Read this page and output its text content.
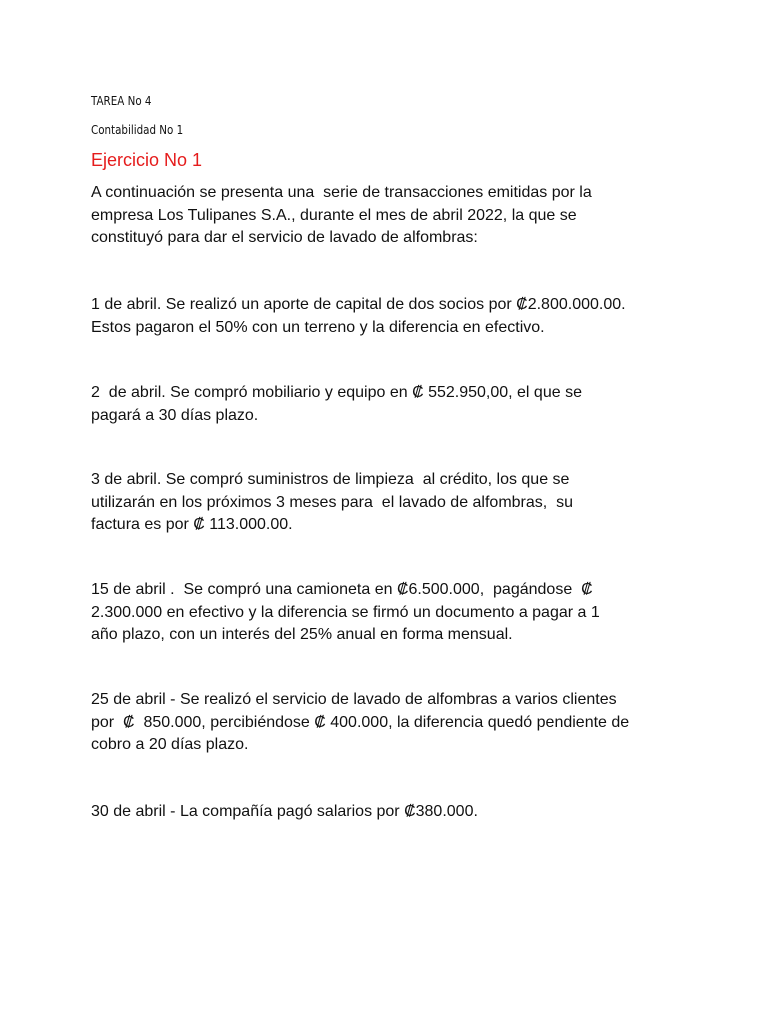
TAREA No 4
Contabilidad No 1
Ejercicio No 1
A continuación se presenta una  serie de transacciones emitidas por la
empresa Los Tulipanes S.A., durante el mes de abril 2022, la que se
constituyó para dar el servicio de lavado de alfombras:
1 de abril. Se realizó un aporte de capital de dos socios por ₡2.800.000.00.
Estos pagaron el 50% con un terreno y la diferencia en efectivo.
2  de abril. Se compró mobiliario y equipo en ₡ 552.950,00, el que se
pagará a 30 días plazo.
3 de abril. Se compró suministros de limpieza  al crédito, los que se
utilizarán en los próximos 3 meses para  el lavado de alfombras,  su
factura es por ₡ 113.000.00.
15 de abril .  Se compró una camioneta en ₡6.500.000,  pagándose  ₡
2.300.000 en efectivo y la diferencia se firmó un documento a pagar a 1
año plazo, con un interés del 25% anual en forma mensual.
25 de abril - Se realizó el servicio de lavado de alfombras a varios clientes
por  ₡  850.000, percibiéndose ₡ 400.000, la diferencia quedó pendiente de
cobro a 20 días plazo.
30 de abril - La compañía pagó salarios por ₡380.000.
